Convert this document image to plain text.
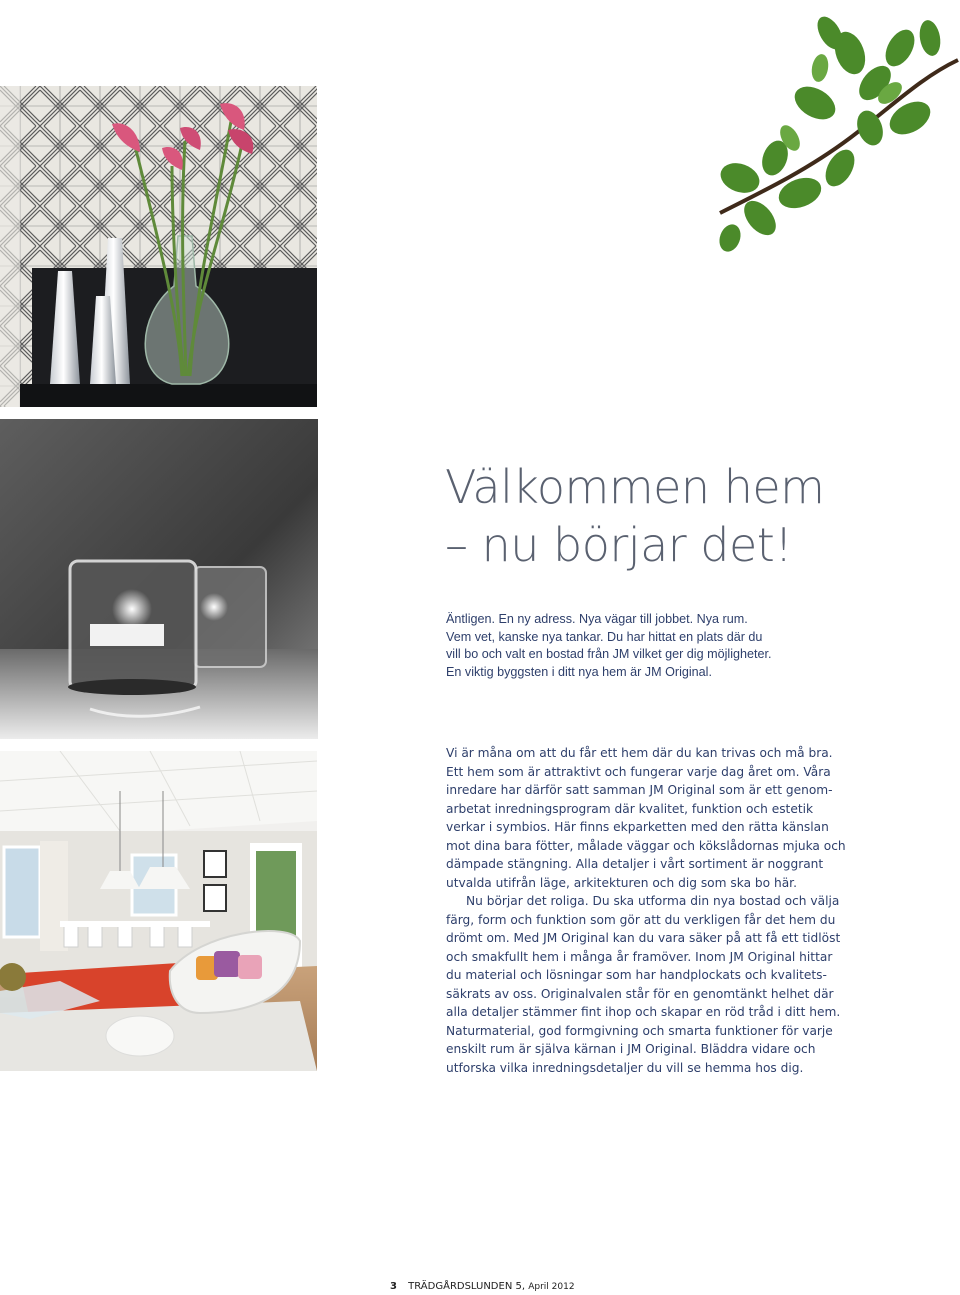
Välkommen hem
– nu börjar det!
Äntligen. En ny adress. Nya vägar till jobbet. Nya rum.
Vem vet, kanske nya tankar. Du har hittat en plats där du
vill bo och valt en bostad från JM vilket ger dig möjligheter.
En viktig byggsten i ditt nya hem är JM Original.
Vi är måna om att du får ett hem där du kan trivas och må bra.
Ett hem som är attraktivt och fungerar varje dag året om. Våra
inredare har därför satt samman JM Original som är ett genom-
arbetat inredningsprogram där kvalitet, funktion och estetik
verkar i symbios. Här finns ekparketten med den rätta känslan
mot dina bara fötter, målade väggar och kökslådornas mjuka och
dämpade stängning. Alla detaljer i vårt sortiment är noggrant
utvalda utifrån läge, arkitekturen och dig som ska bo här.
Nu börjar det roliga. Du ska utforma din nya bostad och välja
färg, form och funktion som gör att du verkligen får det hem du
drömt om. Med JM Original kan du vara säker på att få ett tidlöst
och smakfullt hem i många år framöver. Inom JM Original hittar
du material och lösningar som har handplockats och kvalitets-
säkrats av oss. Originalvalen står för en genomtänkt helhet där
alla detaljer stämmer fint ihop och skapar en röd tråd i ditt hem.
Naturmaterial, god formgivning och smarta funktioner för varje
enskilt rum är själva kärnan i JM Original. Bläddra vidare och
utforska vilka inredningsdetaljer du vill se hemma hos dig.
3 TRÄDGÅRDSLUNDEN 5, April 2012
